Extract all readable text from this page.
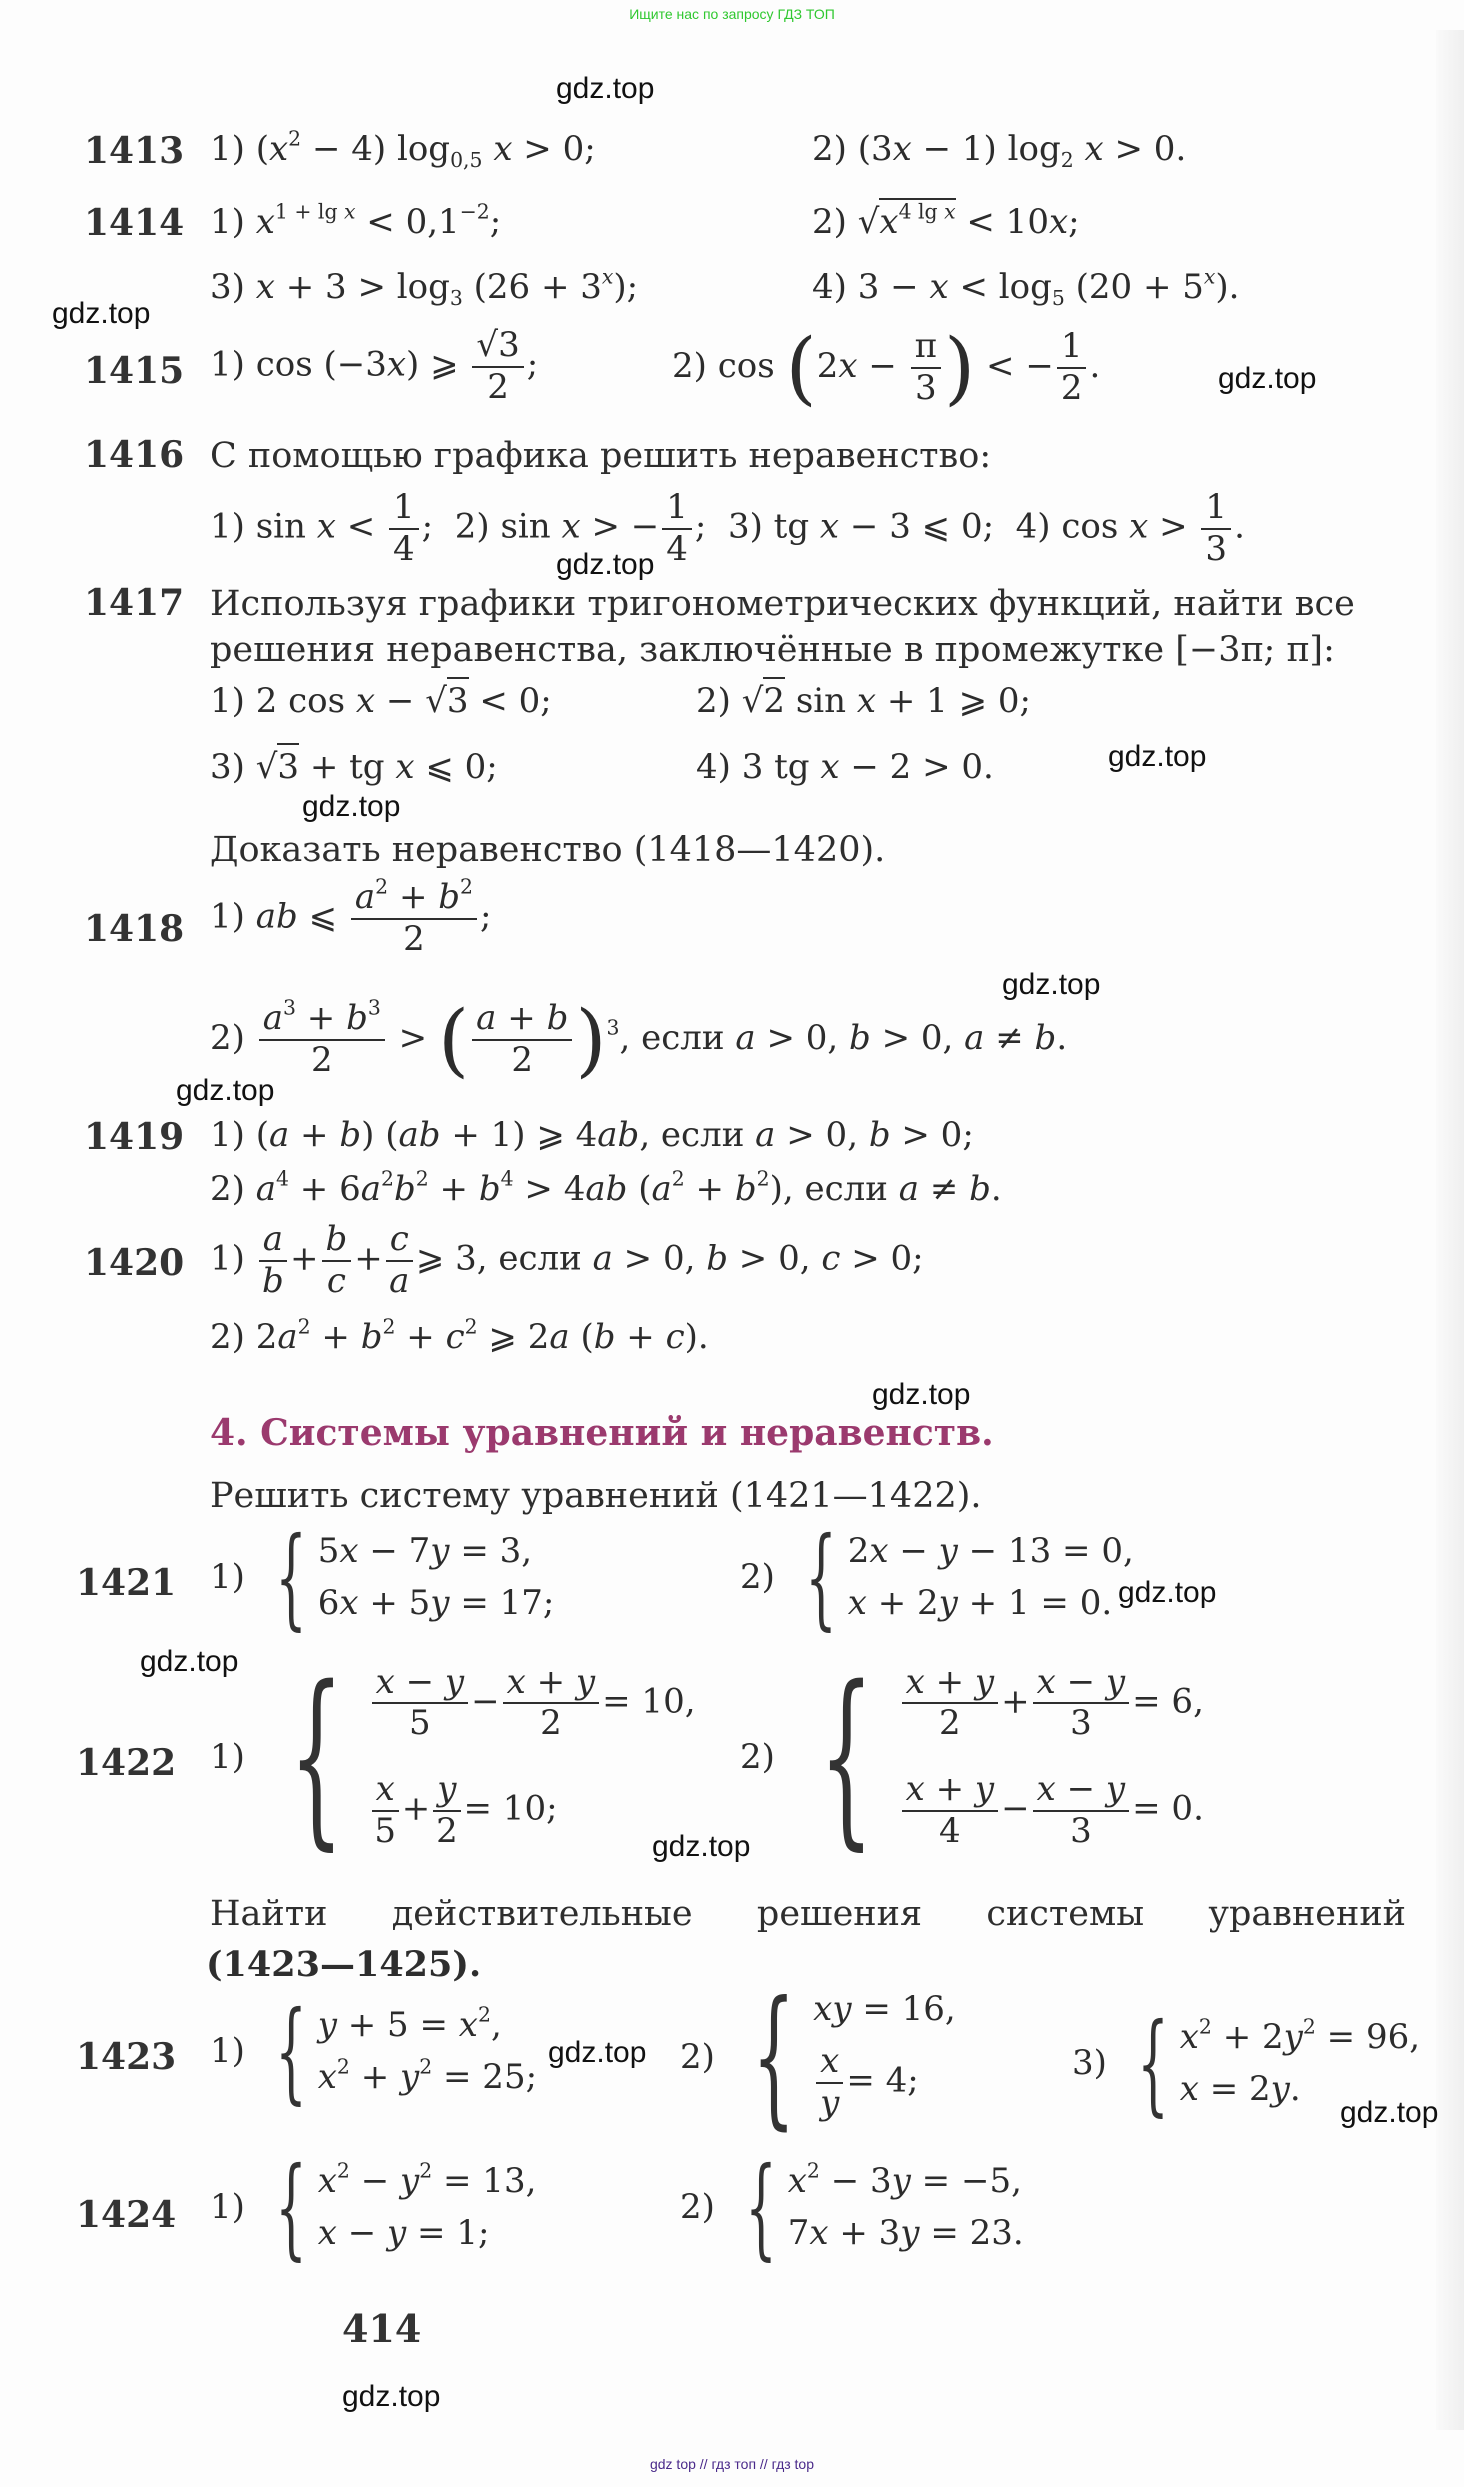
Ищите нас по запросу ГДЗ ТОП
gdz.top
gdz.top
gdz.top
gdz.top
gdz.top
gdz.top
gdz.top
gdz.top
gdz.top
gdz.top
gdz.top
gdz.top
gdz.top
gdz.top
gdz.top
1413 1) $(x^2 - 4)$ $\log_{0,5} x > 0$;	2) (3x − 1) $\log_2 x > 0$.
1414 1) $x^{1 + lg x} < 0,1^{-2}$;	2) $√x^{4 lg x} < 10x$;
3) $x + 3 > \log_3 (26 + 3^x)$;	4) $3 - x < \log_5 (20 + 5^x)$.
1415 1) cos (−3x) ⩾ $\frac{√3}{2}$ ;	2) $\cos (2x - \frac{\pi}{3}$ ) < − $\frac{1}{2}$ .
1416 С помощью графика решить неравенство:
1) $\sin x < \frac{1}{4}$ ;  2) sin x > − $\frac{1}{4}$ ;  3) tg x − 3 ⩽ 0;  4) $\cos x > \frac{1}{3}$ .
1417 Используя графики тригонометрических функций, найти все
решения неравенства, заключённые в промежутке [−3π; π]:
1) 2 cos x − √3 < 0;	2) √2 sin x + 1 ⩾ 0;
3) √3 + tg x ⩽ 0;	4) 3 tg x − 2 > 0.
Доказать неравенство (1418—1420).
1418 1) ab ⩽ $\frac{a^2 + b^2}{2}$ ;
$2) \frac{a^3 + b^3}{2}$ > ( $\frac{a + b}{2} )^3$, если a > 0, b > 0, a ≠ b.
1419 1) (a + b) (ab + 1) ⩾ 4ab, если a > 0, b > 0;
2) $a^4 + 6a^2b^2 + b^4 > 4ab$ $(a^2 + b^2)$, если a ≠ b.
1420 $1) \frac{a}{b} + \frac{b}{c} + \frac{c}{a}$ ⩾ 3, если a > 0, b > 0, c > 0;
2) $2a^2 + b^2 + c^2$ ⩾ 2a (b + c).
4. Системы уравнений и неравенств.
Решить систему уравнений (1421—1422).
1421 1) { 5x − 7y = 3,
6x + 5y = 17;
2) { 2x − y − 13 = 0,
x + 2y + 1 = 0.
1422 1) { $\frac{x - y}{5} - \frac{x + y}{2} = 10$,
$\frac{x}{5} + \frac{y}{2} = 10$;
2) { $\frac{x + y}{2} + \frac{x - y}{3} = 6$,
$\frac{x + y}{4} - \frac{x - y}{3} = 0$.
Найти действительные решения системы уравнений
(1423—1425).
1423 1) { $y + 5 = x^2$,
$x^2 + y^2 = 25$;	2) { xy = 16,
$\frac{x}{y} = 4$;	3) { $x^2 + 2y^2 = 96$,
x = 2y.
1424 1) { $x^2 - y^2 = 13$,
x − y = 1;
2) { $x^2 - 3y = -5$,
7x + 3y = 23.
414
gdz top // гдз топ // гдз top
